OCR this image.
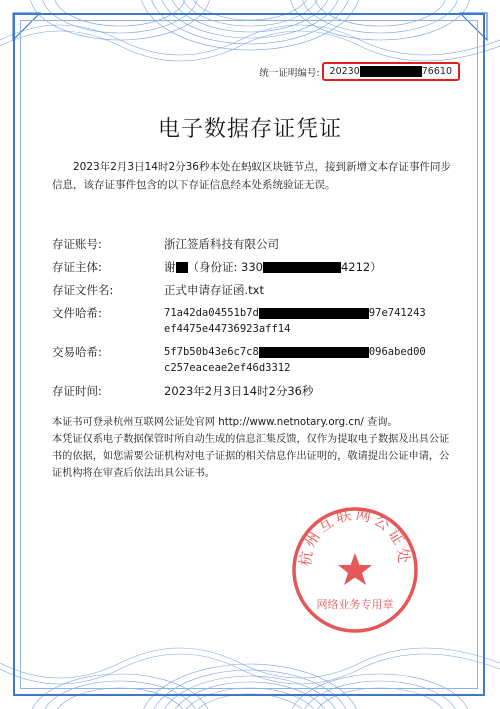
统一证明编号: 20230	76610
电子数据存证凭证
2023年2月3日14时2分36秒本处在蚂蚁区块链节点，接到新增文本存证事件同步信息，该存证事件包含的以下存证信息经本处系统验证无误。
存证账号:	浙江签盾科技有限公司
存证主体:	谢 （身份证: 330	4212）
存证文件名:	正式申请存证函.txt
文件哈希:	71a42da04551b7d	97e741243
ef4475e44736923aff14
交易哈希:	5f7b50b43e6c7c8	096abed00
c257eaceae2ef46d3312
存证时间:	2023年2月3日14时2分36秒
本证书可登录杭州互联网公证处官网 http://www.netnotary.org.cn/ 查询。
本凭证仅系电子数据保管时所自动生成的信息汇集反馈，仅作为提取电子数据及出具公证书的依据，如您需要公证机构对电子证据的相关信息作出证明的，敬请提出公证申请，公证机构将在审查后依法出具公证书。
杭州互联网公证处
网络业务专用章
